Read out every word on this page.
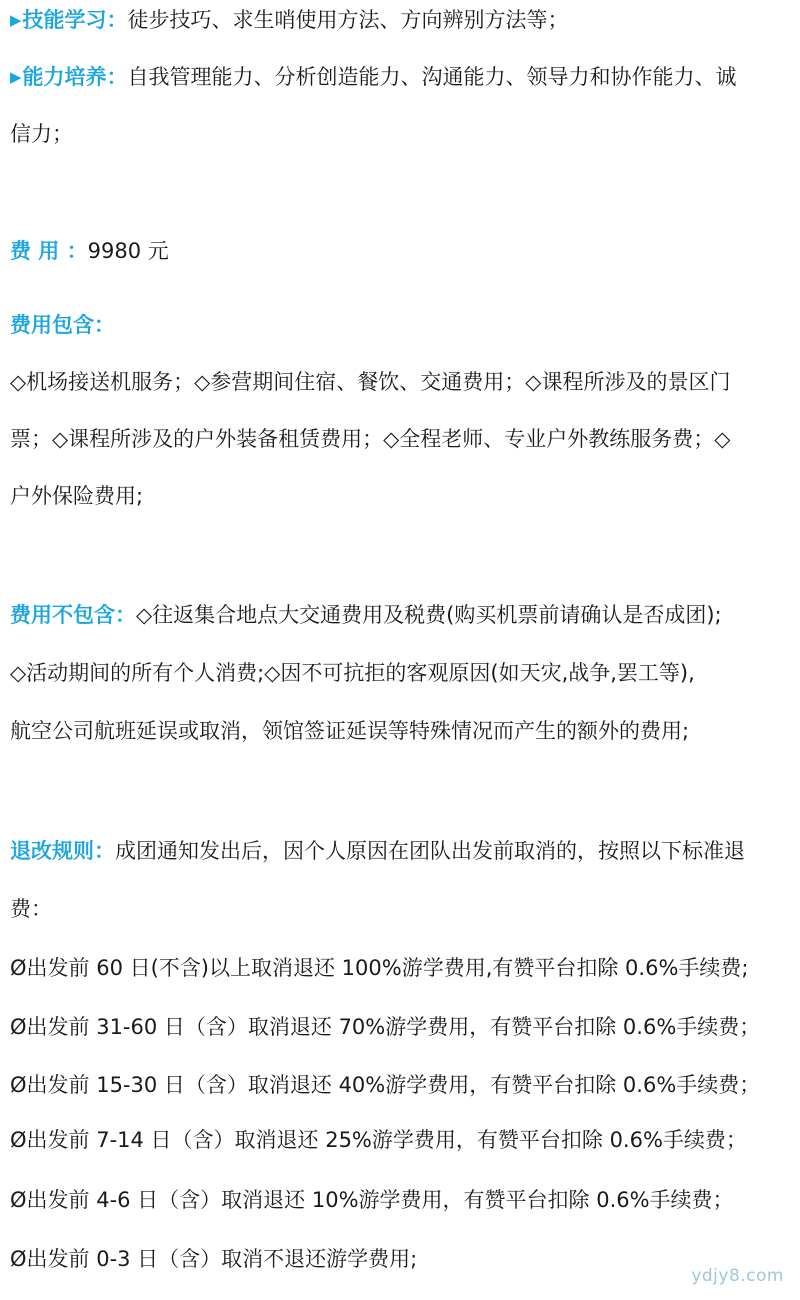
▶技能学习：徒步技巧、求生哨使用方法、方向辨别方法等；
▶能力培养：自我管理能力、分析创造能力、沟通能力、领导力和协作能力、诚
信力；
费 用 ：9980 元
费用包含：
◇机场接送机服务；◇参营期间住宿、餐饮、交通费用；◇课程所涉及的景区门
票；◇课程所涉及的户外装备租赁费用；◇全程老师、专业户外教练服务费；◇
户外保险费用;
费用不包含：◇往返集合地点大交通费用及税费(购买机票前请确认是否成团);
◇活动期间的所有个人消费;◇因不可抗拒的客观原因(如天灾,战争,罢工等),
航空公司航班延误或取消，领馆签证延误等特殊情况而产生的额外的费用;
退改规则：成团通知发出后，因个人原因在团队出发前取消的，按照以下标准退
费：
Ø出发前 60 日(不含)以上取消退还 100%游学费用,有赞平台扣除 0.6%手续费;
Ø出发前 31-60 日（含）取消退还 70%游学费用，有赞平台扣除 0.6%手续费；
Ø出发前 15-30 日（含）取消退还 40%游学费用，有赞平台扣除 0.6%手续费；
Ø出发前 7-14 日（含）取消退还 25%游学费用，有赞平台扣除 0.6%手续费；
Ø出发前 4-6 日（含）取消退还 10%游学费用，有赞平台扣除 0.6%手续费；
Ø出发前 0-3 日（含）取消不退还游学费用;
ydjy8.com
